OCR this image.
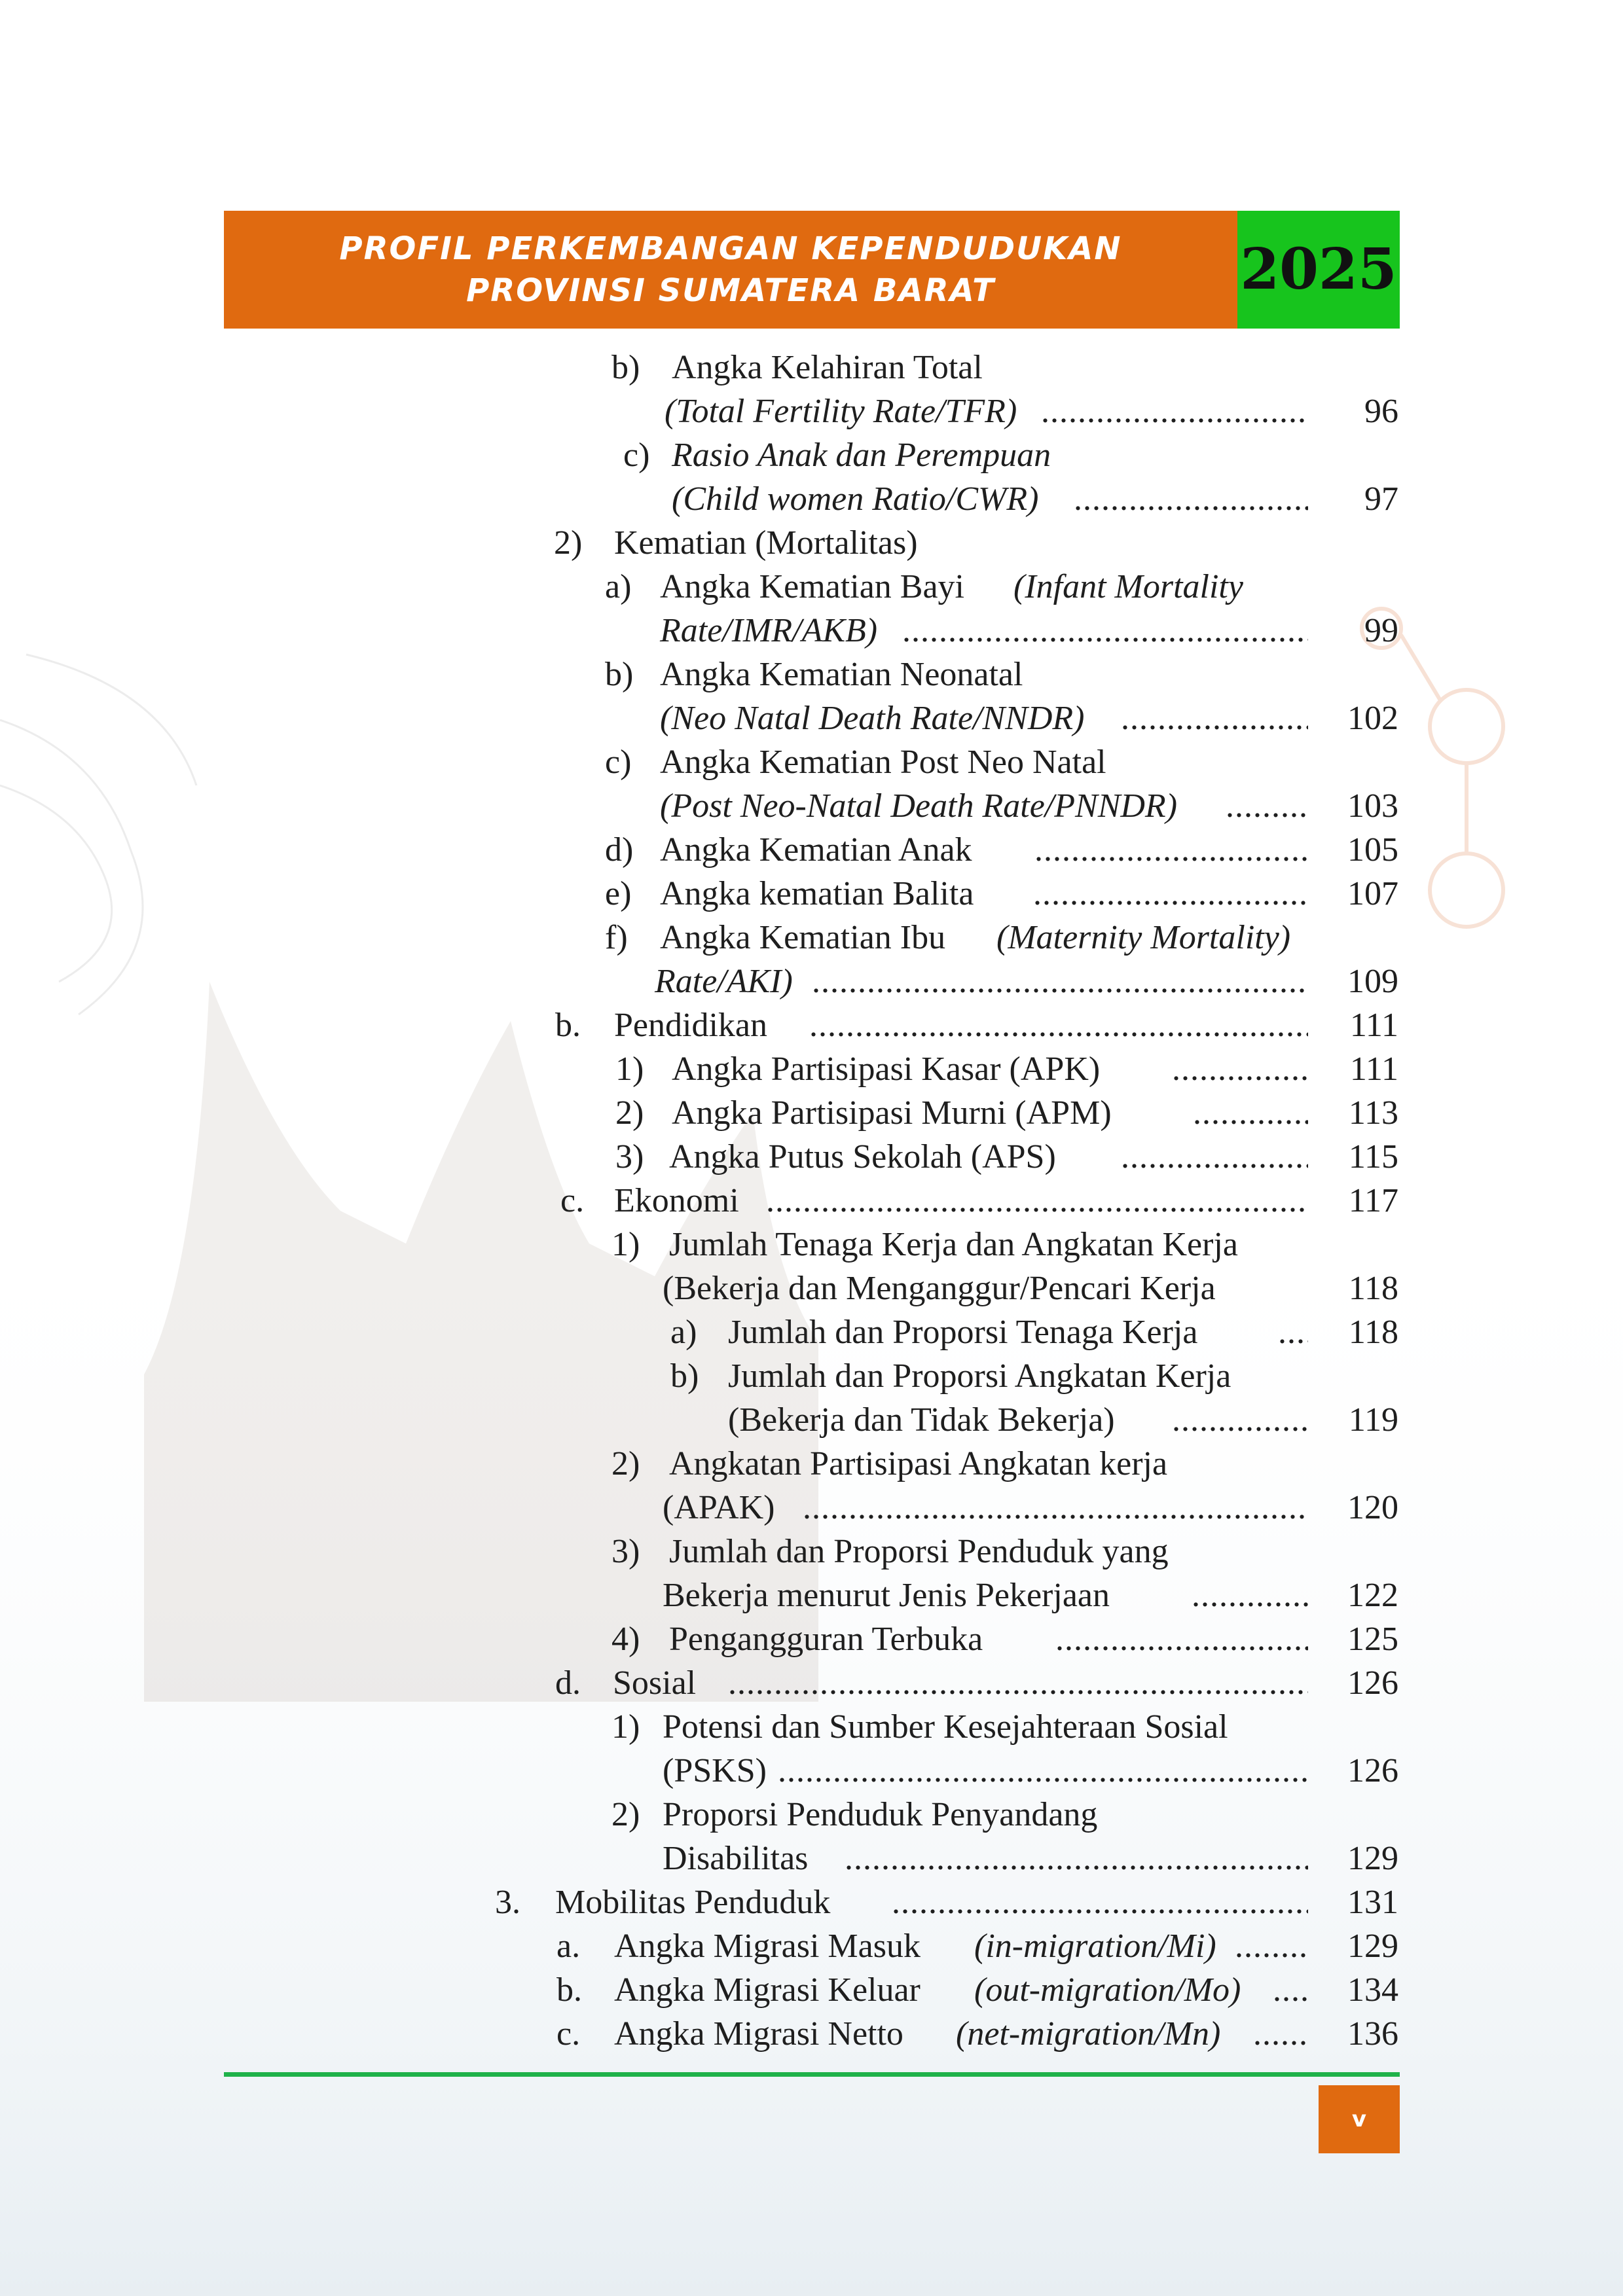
PROFIL PERKEMBANGAN KEPENDUDUKAN
PROVINSI SUMATERA BARAT	2025
b) Angka Kelahiran Total
(Total Fertility Rate/TFR) . . .	96
c) Rasio Anak dan Perempuan
(Child women Ratio/CWR) . . .	97
2) Kematian (Mortalitas)
a) Angka Kematian Bayi (Infant Mortality
Rate/IMR/AKB) . . .	99
b) Angka Kematian Neonatal
(Neo Natal Death Rate/NNDR) . . .	102
c) Angka Kematian Post Neo Natal
(Post Neo-Natal Death Rate/PNNDR) . . .	103
d) Angka Kematian Anak . . .	105
e) Angka kematian Balita . . .	107
f) Angka Kematian Ibu (Maternity Mortality)
Rate/AKI) . . .	109
b. Pendidikan . . .	111
1) Angka Partisipasi Kasar (APK) . . .	111
2) Angka Partisipasi Murni (APM) . . .	113
3) Angka Putus Sekolah (APS) . . .	115
c. Ekonomi . . .	117
1) Jumlah Tenaga Kerja dan Angkatan Kerja
(Bekerja dan Menganggur/Pencari Kerja	118
a) Jumlah dan Proporsi Tenaga Kerja . . .	118
b) Jumlah dan Proporsi Angkatan Kerja
(Bekerja dan Tidak Bekerja) . . .	119
2) Angkatan Partisipasi Angkatan kerja
(APAK) . . .	120
3) Jumlah dan Proporsi Penduduk yang
Bekerja menurut Jenis Pekerjaan . . .	122
4) Pengangguran Terbuka . . .	125
d. Sosial . . .	126
1) Potensi dan Sumber Kesejahteraan Sosial
(PSKS) . . .	126
2) Proporsi Penduduk Penyandang
Disabilitas . . .	129
3. Mobilitas Penduduk . . .	131
a. Angka Migrasi Masuk (in-migration/Mi) . . .	129
b. Angka Migrasi Keluar (out-migration/Mo) . . .	134
c. Angka Migrasi Netto (net-migration/Mn) . . .	136
v
